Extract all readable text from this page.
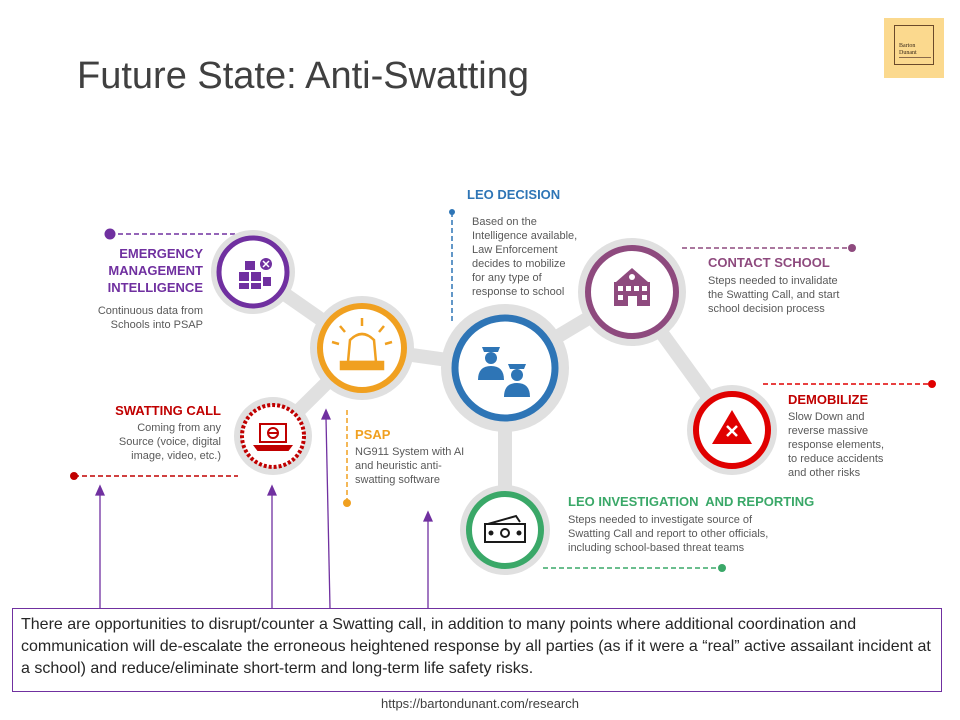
Future State: Anti-Swatting
Barton
Dunant
EMERGENCY
MANAGEMENT
INTELLIGENCE
Continuous data from
Schools into PSAP
SWATTING CALL
Coming from any
Source (voice, digital
image, video, etc.)
PSAP
NG911 System with AI
and heuristic anti-
swatting software
LEO DECISION
Based on the
Intelligence available,
Law Enforcement
decides to mobilize
for any type of
response to school
CONTACT SCHOOL
Steps needed to invalidate
the Swatting Call, and start
school decision process
DEMOBILIZE
Slow Down and
reverse massive
response elements,
to reduce accidents
and other risks
LEO INVESTIGATION  AND REPORTING
Steps needed to investigate source of
Swatting Call and report to other officials,
including school-based threat teams
There are opportunities to disrupt/counter a Swatting call, in addition to many points where additional coordination and communication will de-escalate the erroneous heightened response by all parties (as if it were a “real” active assailant incident at a school) and reduce/eliminate short-term and long-term life safety risks.
https://bartondunant.com/research
